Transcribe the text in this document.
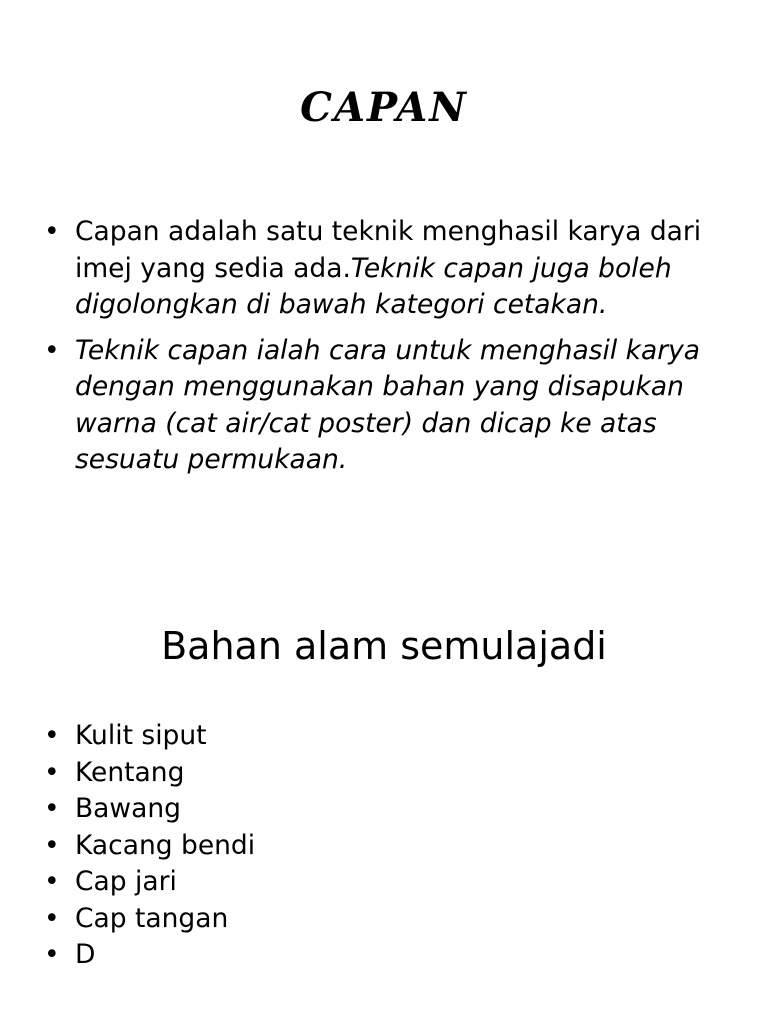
CAPAN
• Capan adalah satu teknik menghasil karya dari imej yang sedia ada.Teknik capan juga boleh digolongkan di bawah kategori cetakan.
• Teknik capan ialah cara untuk menghasil karya dengan menggunakan bahan yang disapukan warna (cat air/cat poster) dan dicap ke atas sesuatu permukaan.
Bahan alam semulajadi
• Kulit siput
• Kentang
• Bawang
• Kacang bendi
• Cap jari
• Cap tangan
• D
